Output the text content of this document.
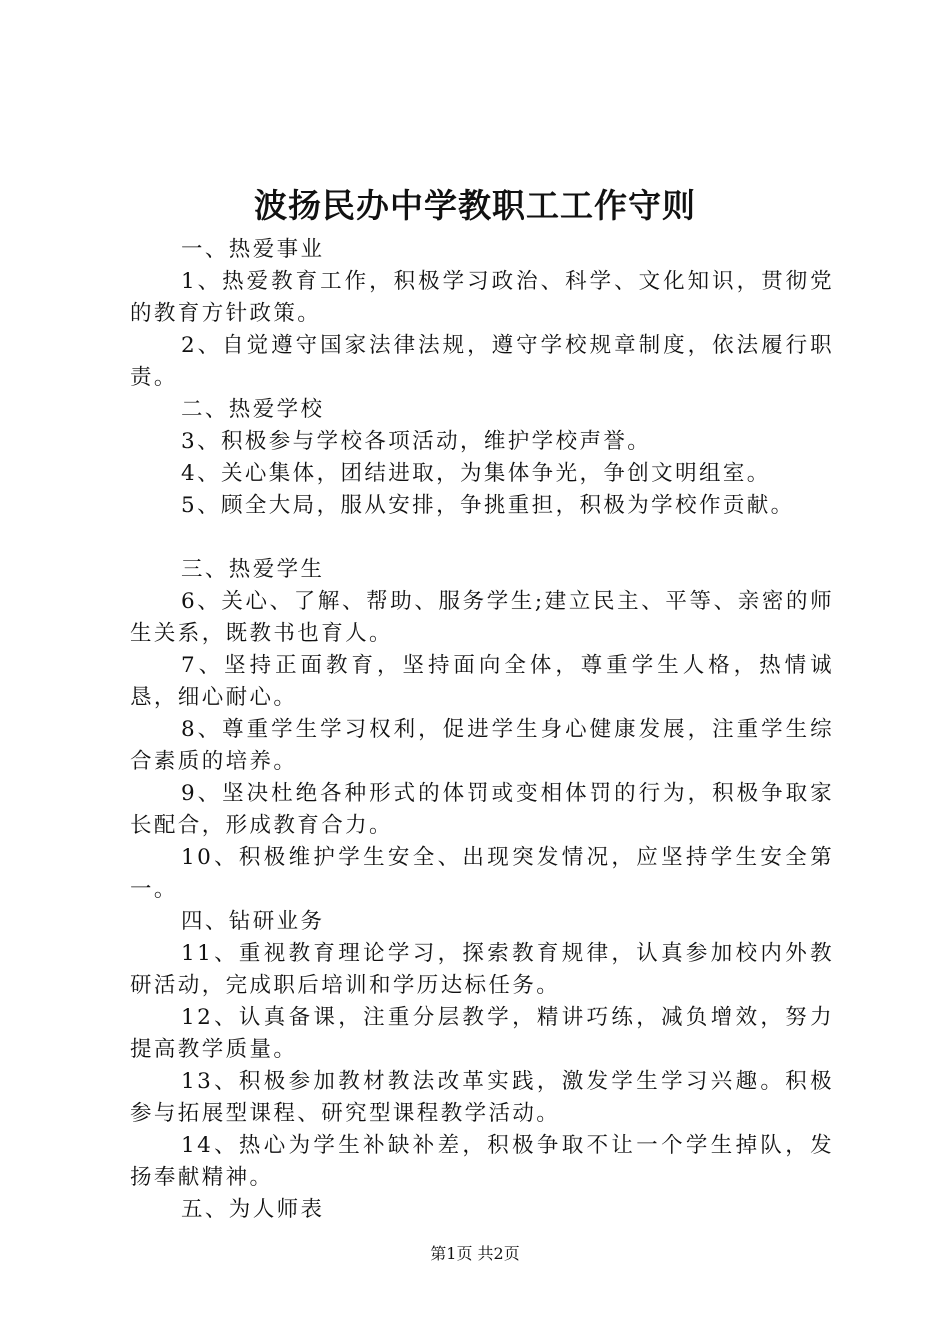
波扬民办中学教职工工作守则

一、热爱事业

1、热爱教育工作，积极学习政治、科学、文化知识，贯彻党的教育方针政策。

2、自觉遵守国家法律法规，遵守学校规章制度，依法履行职责。

二、热爱学校

3、积极参与学校各项活动，维护学校声誉。

4、关心集体，团结进取，为集体争光，争创文明组室。

5、顾全大局，服从安排，争挑重担，积极为学校作贡献。

三、热爱学生

6、关心、了解、帮助、服务学生;建立民主、平等、亲密的师生关系，既教书也育人。

7、坚持正面教育，坚持面向全体，尊重学生人格，热情诚恳，细心耐心。

8、尊重学生学习权利，促进学生身心健康发展，注重学生综合素质的培养。

9、坚决杜绝各种形式的体罚或变相体罚的行为，积极争取家长配合，形成教育合力。

10、积极维护学生安全、出现突发情况，应坚持学生安全第一。

四、钻研业务

11、重视教育理论学习，探索教育规律，认真参加校内外教研活动，完成职后培训和学历达标任务。

12、认真备课，注重分层教学，精讲巧练，减负增效，努力提高教学质量。

13、积极参加教材教法改革实践，激发学生学习兴趣。积极参与拓展型课程、研究型课程教学活动。

14、热心为学生补缺补差，积极争取不让一个学生掉队，发扬奉献精神。

五、为人师表

第1页 共2页
